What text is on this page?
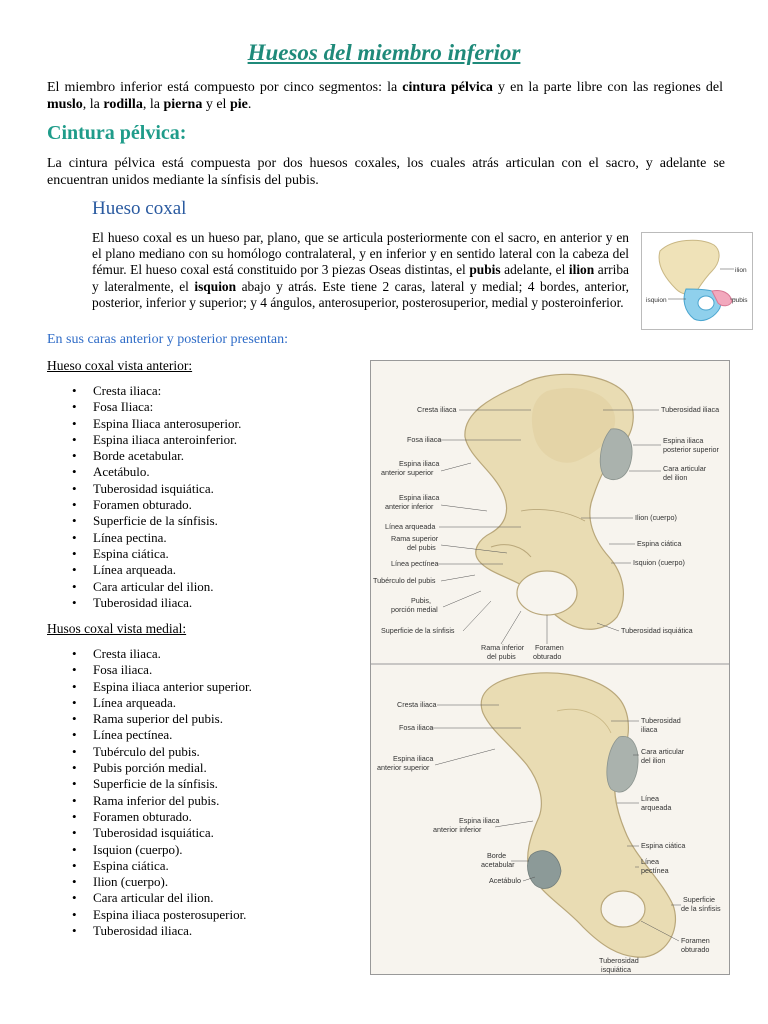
Huesos del miembro inferior
El miembro inferior está compuesto por cinco segmentos: la cintura pélvica y en la parte libre con las regiones del muslo, la rodilla, la pierna y el pie.
Cintura pélvica:
La cintura pélvica está compuesta por dos huesos coxales, los cuales atrás articulan con el sacro, y adelante se encuentran unidos mediante la sínfisis del pubis.
Hueso coxal
El hueso coxal es un hueso par, plano, que se articula posteriormente con el sacro, en anterior y en el plano mediano con su homólogo contralateral, y en inferior y en sentido lateral con la cabeza del fémur. El hueso coxal está constituido por 3 piezas Oseas distintas, el pubis adelante, el ilion arriba y lateralmente, el isquion abajo y atrás. Este tiene 2 caras, lateral y medial; 4 bordes, anterior, posterior, inferior y superior; y 4 ángulos, anterosuperior, posterosuperior, medial y posteroinferior.
ilion
pubis
isquion
En sus caras anterior y posterior presentan:
Hueso coxal vista anterior:
• Cresta iliaca:
• Fosa Iliaca:
• Espina Iliaca anterosuperior.
• Espina iliaca anteroinferior.
• Borde acetabular.
• Acetábulo.
• Tuberosidad isquiática.
• Foramen obturado.
• Superficie de la sínfisis.
• Línea pectina.
• Espina ciática.
• Línea arqueada.
• Cara articular del ilion.
• Tuberosidad iliaca.
Husos coxal vista medial:
• Cresta iliaca.
• Fosa iliaca.
• Espina iliaca anterior superior.
• Línea arqueada.
• Rama superior del pubis.
• Línea pectínea.
• Tubérculo del pubis.
• Pubis porción medial.
• Superficie de la sínfisis.
• Rama inferior del pubis.
• Foramen obturado.
• Tuberosidad isquiática.
• Isquion (cuerpo).
• Espina ciática.
• Ilion (cuerpo).
• Cara articular del ilion.
• Espina iliaca posterosuperior.
• Tuberosidad iliaca.
Cresta iliaca
Fosa iliaca
Espina iliaca
anterior superior
Espina iliaca
anterior inferior
Línea arqueada
Rama superior
del pubis
Línea pectínea
Tubérculo del pubis
Pubis,
porción medial
Superficie de la sínfisis
Rama inferior
del pubis
Foramen
obturado
Tuberosidad iliaca
Espina iliaca
posterior superior
Cara articular
del ilion
Ilion (cuerpo)
Espina ciática
Isquion (cuerpo)
Tuberosidad isquiática
Cresta iliaca
Fosa iliaca
Espina iliaca
anterior superior
Espina iliaca
anterior inferior
Borde
acetabular
Acetábulo
Tuberosidad
iliaca
Cara articular
del ilion
Línea
arqueada
Espina ciática
Línea
pectínea
Superficie
de la sínfisis
Foramen
obturado
Tuberosidad
isquiática
